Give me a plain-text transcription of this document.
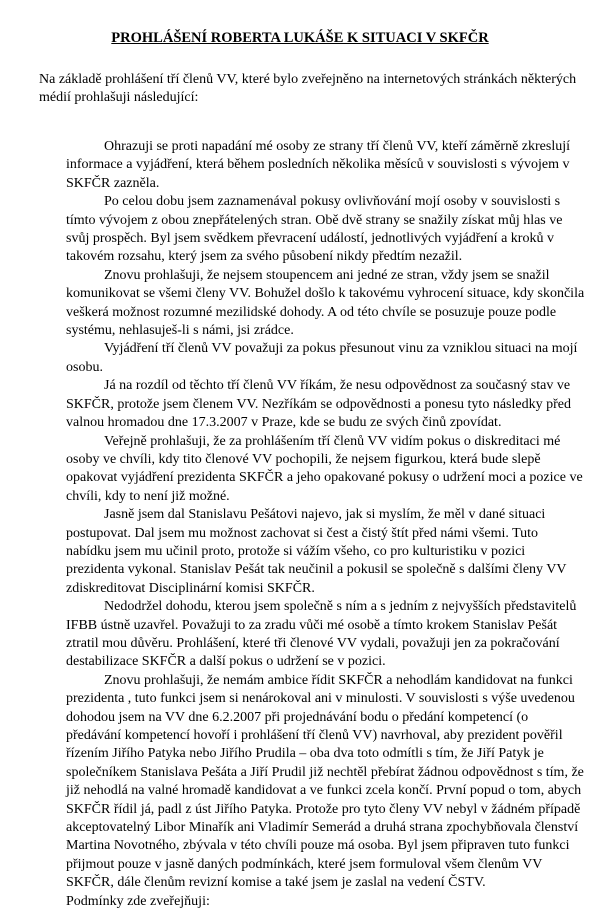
PROHLÁŠENÍ ROBERTA LUKÁŠE K SITUACI V SKFČR

Na základě prohlášení tří členů VV, které bylo zveřejněno na internetových stránkách některých médií prohlašuji následující:

Ohrazuji se proti napadání mé osoby ze strany tří členů VV, kteří záměrně zkreslují informace a vyjádření, která během posledních několika měsíců v souvislosti s vývojem v SKFČR zazněla.

Po celou dobu jsem zaznamenával pokusy ovlivňování mojí osoby v souvislosti s tímto vývojem z obou znepřátelených stran. Obě dvě strany se snažily získat můj hlas ve svůj prospěch. Byl jsem svědkem převracení událostí, jednotlivých vyjádření a kroků v takovém rozsahu, který jsem za svého působení nikdy předtím nezažil.

Znovu prohlašuji, že nejsem stoupencem ani jedné ze stran, vždy jsem se snažil komunikovat se všemi členy VV. Bohužel došlo k takovému vyhrocení situace, kdy skončila veškerá možnost rozumné mezilidské dohody. A od této chvíle se posuzuje pouze podle systému, nehlasuješ-li s námi, jsi zrádce.

Vyjádření tří členů VV považuji za pokus přesunout vinu za vzniklou situaci na mojí osobu.

Já na rozdíl od těchto tří členů VV říkám, že nesu odpovědnost za současný stav ve SKFČR, protože jsem členem VV. Nezříkám se odpovědnosti a ponesu tyto následky před valnou hromadou dne 17.3.2007 v Praze, kde se budu ze svých činů zpovídat.

Veřejně prohlašuji, že za prohlášením tří členů VV vidím pokus o diskreditaci mé osoby ve chvíli, kdy tito členové VV pochopili, že nejsem figurkou, která bude slepě opakovat vyjádření prezidenta SKFČR a jeho opakované pokusy o udržení moci a pozice ve chvíli, kdy to není již možné.

Jasně jsem dal Stanislavu Pešátovi najevo, jak si myslím, že měl v dané situaci postupovat. Dal jsem mu možnost zachovat si čest a čistý štít před námi všemi. Tuto nabídku jsem mu učinil proto, protože si vážím všeho, co pro kulturistiku v pozici prezidenta vykonal. Stanislav Pešát tak neučinil a pokusil se společně s dalšími členy VV zdiskreditovat Disciplinární komisi SKFČR.

Nedodržel dohodu, kterou jsem společně s ním a s jedním z nejvyšších představitelů IFBB ústně uzavřel. Považuji to za zradu vůči mé osobě a tímto krokem Stanislav Pešát ztratil mou důvěru. Prohlášení, které tři členové VV vydali, považuji jen za pokračování destabilizace SKFČR a další pokus o udržení se v pozici.

Znovu prohlašuji, že nemám ambice řídit SKFČR a nehodlám kandidovat na funkci prezidenta , tuto funkci jsem si nenárokoval ani v minulosti. V souvislosti s výše uvedenou dohodou jsem na VV dne 6.2.2007 při projednávání bodu o předání kompetencí (o předávání kompetencí hovoří i prohlášení tří členů VV) navrhoval, aby prezident pověřil řízením Jiřího Patyka nebo Jiřího Prudila – oba dva toto odmítli s tím, že Jiří Patyk je společníkem Stanislava Pešáta a Jiří Prudil již nechtěl přebírat žádnou odpovědnost s tím, že již nehodlá na valné hromadě kandidovat a ve funkci zcela končí. První popud o tom, abych SKFČR řídil já, padl z úst Jiřího Patyka. Protože pro tyto členy VV nebyl v žádném případě akceptovatelný Libor Minařík ani Vladimír Semerád a druhá strana zpochybňovala členství Martina Novotného, zbývala v této chvíli pouze má osoba. Byl jsem připraven tuto funkci přijmout pouze v jasně daných podmínkách, které jsem formuloval všem členům VV SKFČR, dále členům revizní komise a také jsem je zaslal na vedení ČSTV.

Podmínky zde zveřejňuji:
